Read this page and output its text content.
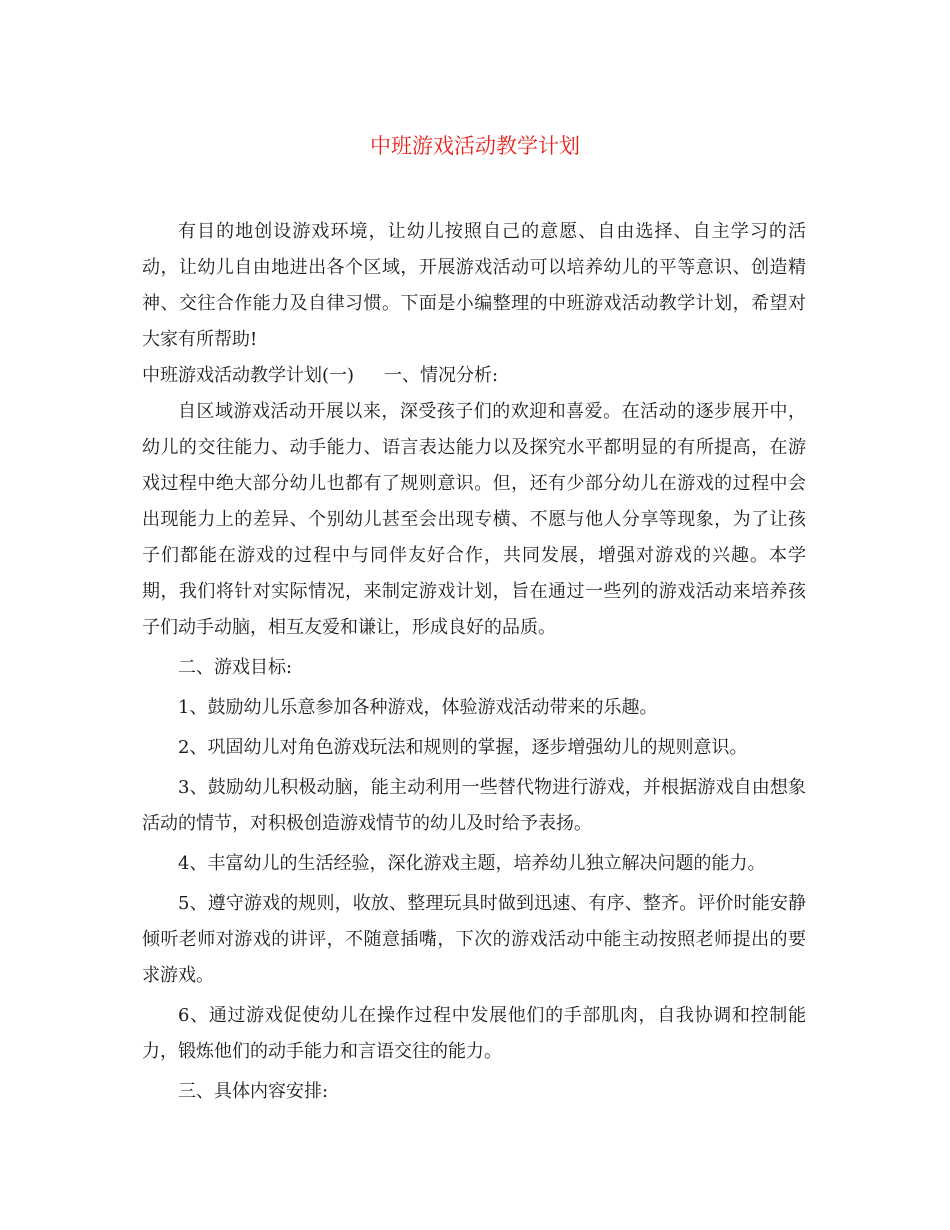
中班游戏活动教学计划

有目的地创设游戏环境，让幼儿按照自己的意愿、自由选择、自主学习的活动，让幼儿自由地进出各个区域，开展游戏活动可以培养幼儿的平等意识、创造精神、交往合作能力及自律习惯。下面是小编整理的中班游戏活动教学计划，希望对大家有所帮助!

中班游戏活动教学计划(一) 一、情况分析:

自区域游戏活动开展以来，深受孩子们的欢迎和喜爱。在活动的逐步展开中，幼儿的交往能力、动手能力、语言表达能力以及探究水平都明显的有所提高，在游戏过程中绝大部分幼儿也都有了规则意识。但，还有少部分幼儿在游戏的过程中会出现能力上的差异、个别幼儿甚至会出现专横、不愿与他人分享等现象，为了让孩子们都能在游戏的过程中与同伴友好合作，共同发展，增强对游戏的兴趣。本学期，我们将针对实际情况，来制定游戏计划，旨在通过一些列的游戏活动来培养孩子们动手动脑，相互友爱和谦让，形成良好的品质。

二、游戏目标:

1、鼓励幼儿乐意参加各种游戏，体验游戏活动带来的乐趣。

2、巩固幼儿对角色游戏玩法和规则的掌握，逐步增强幼儿的规则意识。

3、鼓励幼儿积极动脑，能主动利用一些替代物进行游戏，并根据游戏自由想象活动的情节，对积极创造游戏情节的幼儿及时给予表扬。

4、丰富幼儿的生活经验，深化游戏主题，培养幼儿独立解决问题的能力。

5、遵守游戏的规则，收放、整理玩具时做到迅速、有序、整齐。评价时能安静倾听老师对游戏的讲评，不随意插嘴，下次的游戏活动中能主动按照老师提出的要求游戏。

6、通过游戏促使幼儿在操作过程中发展他们的手部肌肉，自我协调和控制能力，锻炼他们的动手能力和言语交往的能力。

三、具体内容安排:
